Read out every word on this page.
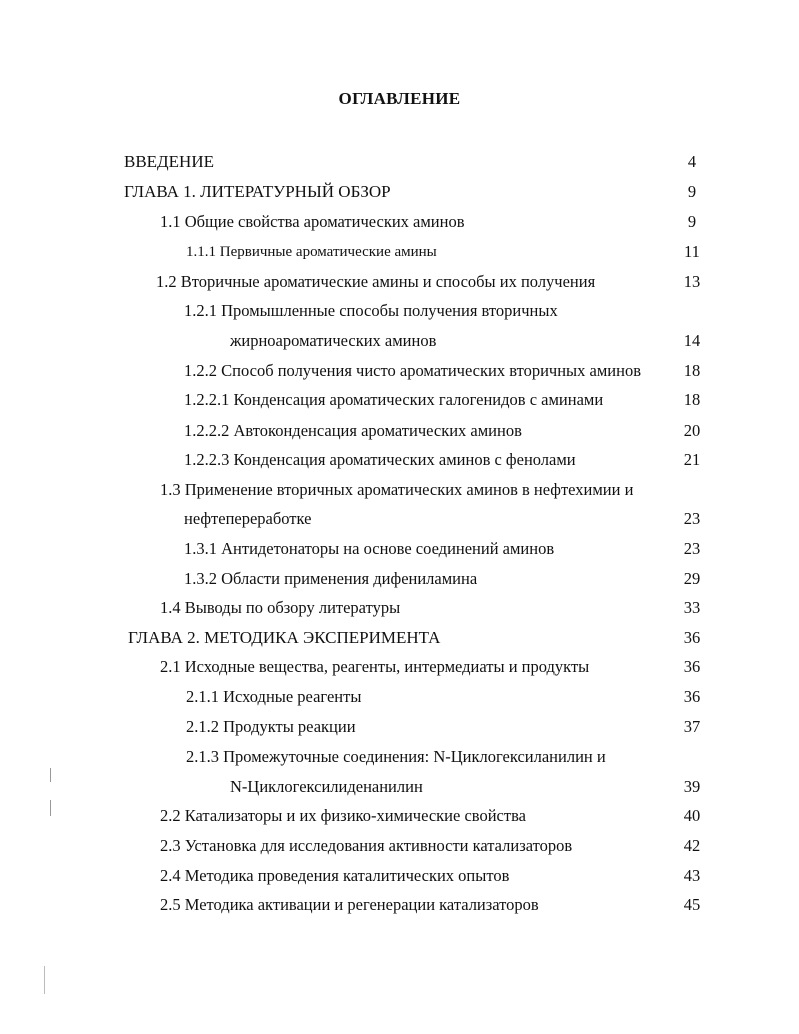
ОГЛАВЛЕНИЕ
ВВЕДЕНИЕ	4
ГЛАВА 1. ЛИТЕРАТУРНЫЙ ОБЗОР	9
1.1 Общие свойства ароматических аминов	9
1.1.1 Первичные ароматические амины	11
1.2 Вторичные ароматические амины и способы их получения	13
1.2.1 Промышленные способы получения вторичных
жирноароматических аминов	14
1.2.2 Способ получения чисто ароматических вторичных аминов	18
1.2.2.1 Конденсация ароматических галогенидов с аминами	18
1.2.2.2 Автоконденсация ароматических аминов	20
1.2.2.3 Конденсация ароматических аминов с фенолами	21
1.3 Применение вторичных ароматических аминов в нефтехимии и
нефтепереработке	23
1.3.1 Антидетонаторы на основе соединений аминов	23
1.3.2 Области применения дифениламина	29
1.4 Выводы по обзору литературы	33
ГЛАВА 2. МЕТОДИКА ЭКСПЕРИМЕНТА	36
2.1 Исходные вещества, реагенты, интермедиаты и продукты	36
2.1.1 Исходные реагенты	36
2.1.2 Продукты реакции	37
2.1.3 Промежуточные соединения: N-Циклогексиланилин и
N-Циклогексилиденанилин	39
2.2 Катализаторы и их физико-химические свойства	40
2.3 Установка для исследования активности катализаторов	42
2.4 Методика проведения каталитических опытов	43
2.5 Методика активации и регенерации катализаторов	45
